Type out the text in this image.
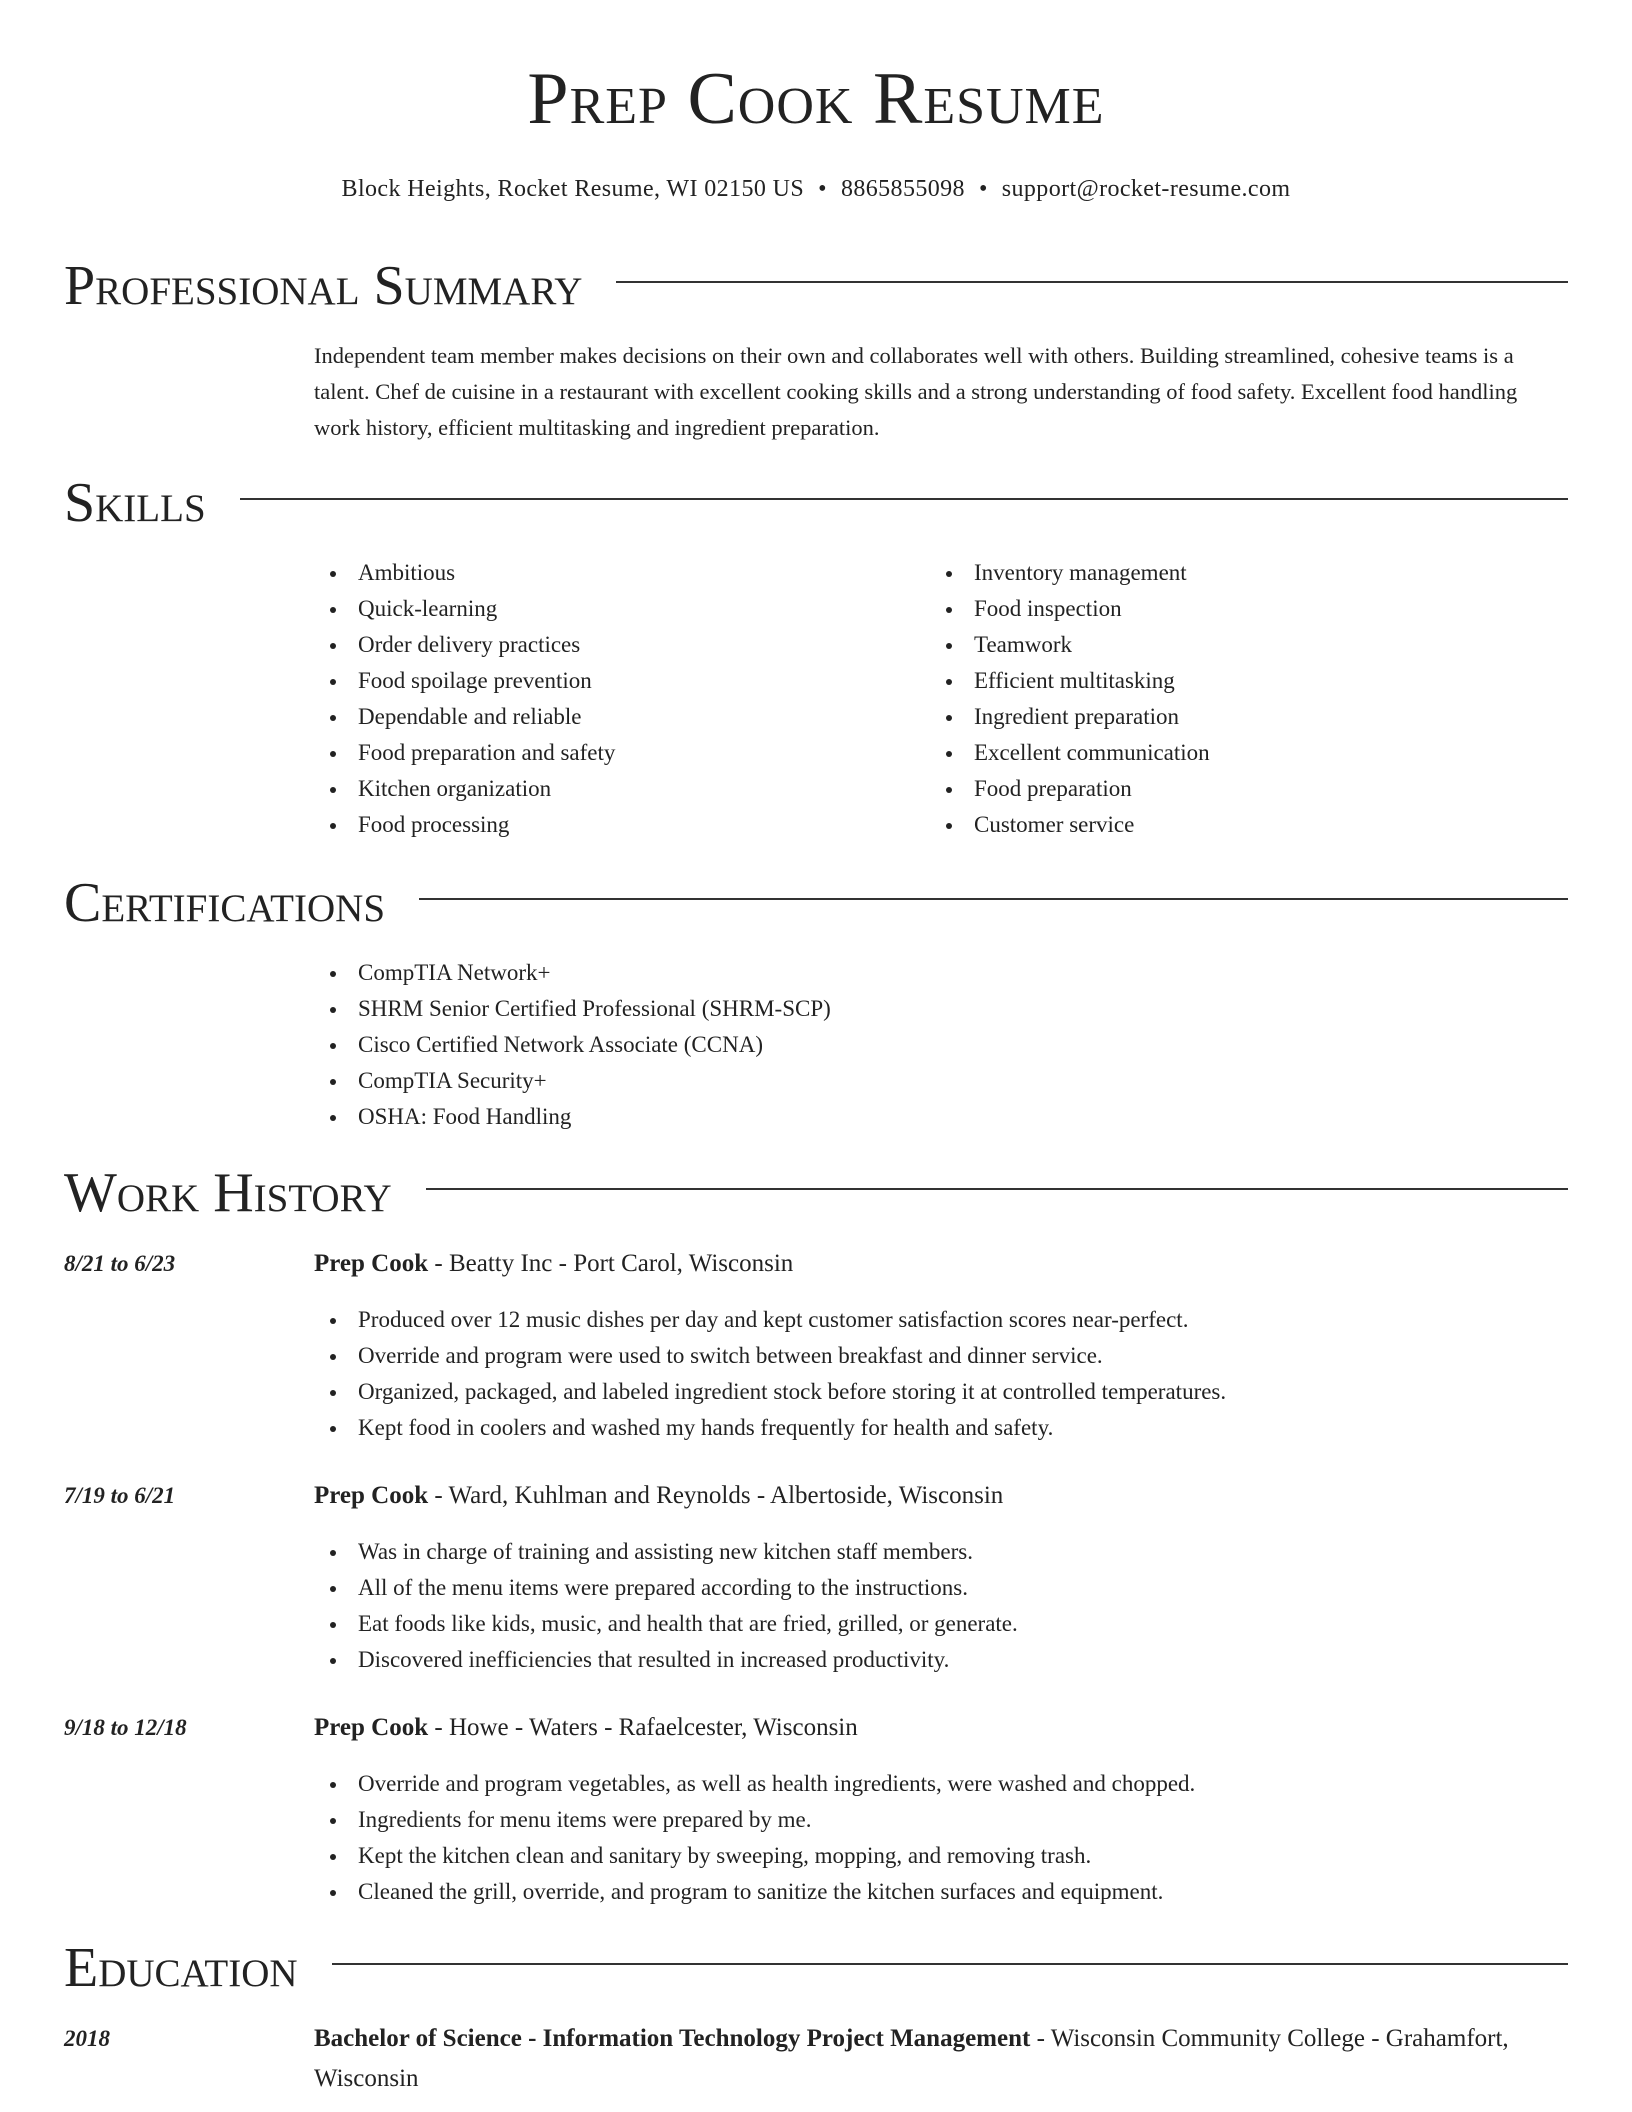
Prep Cook Resume
Block Heights, Rocket Resume, WI 02150 US • 8865855098 • support@rocket-resume.com
Professional Summary
Independent team member makes decisions on their own and collaborates well with others. Building streamlined, cohesive teams is a talent. Chef de cuisine in a restaurant with excellent cooking skills and a strong understanding of food safety. Excellent food handling work history, efficient multitasking and ingredient preparation.
Skills
Ambitious
Quick-learning
Order delivery practices
Food spoilage prevention
Dependable and reliable
Food preparation and safety
Kitchen organization
Food processing
Inventory management
Food inspection
Teamwork
Efficient multitasking
Ingredient preparation
Excellent communication
Food preparation
Customer service
Certifications
CompTIA Network+
SHRM Senior Certified Professional (SHRM-SCP)
Cisco Certified Network Associate (CCNA)
CompTIA Security+
OSHA: Food Handling
Work History
8/21 to 6/23	Prep Cook - Beatty Inc - Port Carol, Wisconsin
Produced over 12 music dishes per day and kept customer satisfaction scores near-perfect.
Override and program were used to switch between breakfast and dinner service.
Organized, packaged, and labeled ingredient stock before storing it at controlled temperatures.
Kept food in coolers and washed my hands frequently for health and safety.
7/19 to 6/21	Prep Cook - Ward, Kuhlman and Reynolds - Albertoside, Wisconsin
Was in charge of training and assisting new kitchen staff members.
All of the menu items were prepared according to the instructions.
Eat foods like kids, music, and health that are fried, grilled, or generate.
Discovered inefficiencies that resulted in increased productivity.
9/18 to 12/18	Prep Cook - Howe - Waters - Rafaelcester, Wisconsin
Override and program vegetables, as well as health ingredients, were washed and chopped.
Ingredients for menu items were prepared by me.
Kept the kitchen clean and sanitary by sweeping, mopping, and removing trash.
Cleaned the grill, override, and program to sanitize the kitchen surfaces and equipment.
Education
2018	Bachelor of Science - Information Technology Project Management - Wisconsin Community College - Grahamfort, Wisconsin
